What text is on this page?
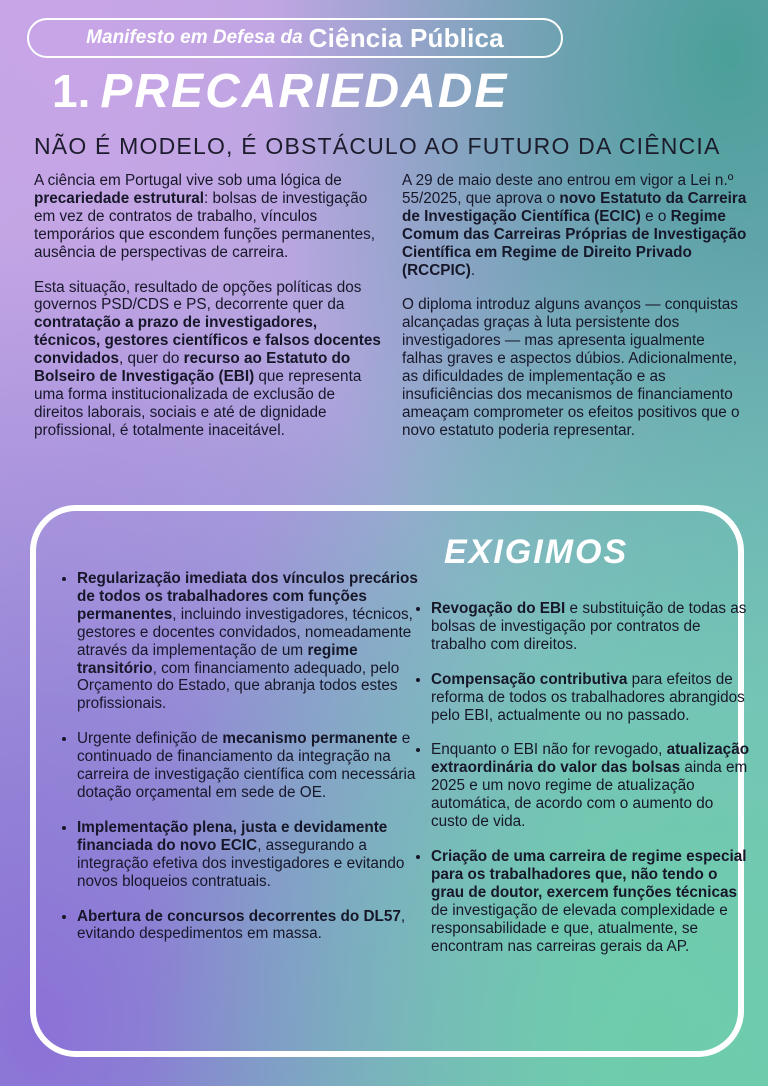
Manifesto em Defesa da Ciência Pública
1. PRECARIEDADE
NÃO É MODELO, É OBSTÁCULO AO FUTURO DA CIÊNCIA

A ciência em Portugal vive sob uma lógica de precariedade estrutural: bolsas de investigação em vez de contratos de trabalho, vínculos temporários que escondem funções permanentes, ausência de perspectivas de carreira.

Esta situação, resultado de opções políticas dos governos PSD/CDS e PS, decorrente quer da contratação a prazo de investigadores, técnicos, gestores científicos e falsos docentes convidados, quer do recurso ao Estatuto do Bolseiro de Investigação (EBI) que representa uma forma institucionalizada de exclusão de direitos laborais, sociais e até de dignidade profissional, é totalmente inaceitável.

A 29 de maio deste ano entrou em vigor a Lei n.º 55/2025, que aprova o novo Estatuto da Carreira de Investigação Científica (ECIC) e o Regime Comum das Carreiras Próprias de Investigação Científica em Regime de Direito Privado (RCCPIC).

O diploma introduz alguns avanços — conquistas alcançadas graças à luta persistente dos investigadores — mas apresenta igualmente falhas graves e aspectos dúbios. Adicionalmente, as dificuldades de implementação e as insuficiências dos mecanismos de financiamento ameaçam comprometer os efeitos positivos que o novo estatuto poderia representar.

EXIGIMOS
• Regularização imediata dos vínculos precários de todos os trabalhadores com funções permanentes, incluindo investigadores, técnicos, gestores e docentes convidados, nomeadamente através da implementação de um regime transitório, com financiamento adequado, pelo Orçamento do Estado, que abranja todos estes profissionais.
• Urgente definição de mecanismo permanente e continuado de financiamento da integração na carreira de investigação científica com necessária dotação orçamental em sede de OE.
• Implementação plena, justa e devidamente financiada do novo ECIC, assegurando a integração efetiva dos investigadores e evitando novos bloqueios contratuais.
• Abertura de concursos decorrentes do DL57, evitando despedimentos em massa.
• Revogação do EBI e substituição de todas as bolsas de investigação por contratos de trabalho com direitos.
• Compensação contributiva para efeitos de reforma de todos os trabalhadores abrangidos pelo EBI, actualmente ou no passado.
• Enquanto o EBI não for revogado, atualização extraordinária do valor das bolsas ainda em 2025 e um novo regime de atualização automática, de acordo com o aumento do custo de vida.
• Criação de uma carreira de regime especial para os trabalhadores que, não tendo o grau de doutor, exercem funções técnicas de investigação de elevada complexidade e responsabilidade e que, atualmente, se encontram nas carreiras gerais da AP.
